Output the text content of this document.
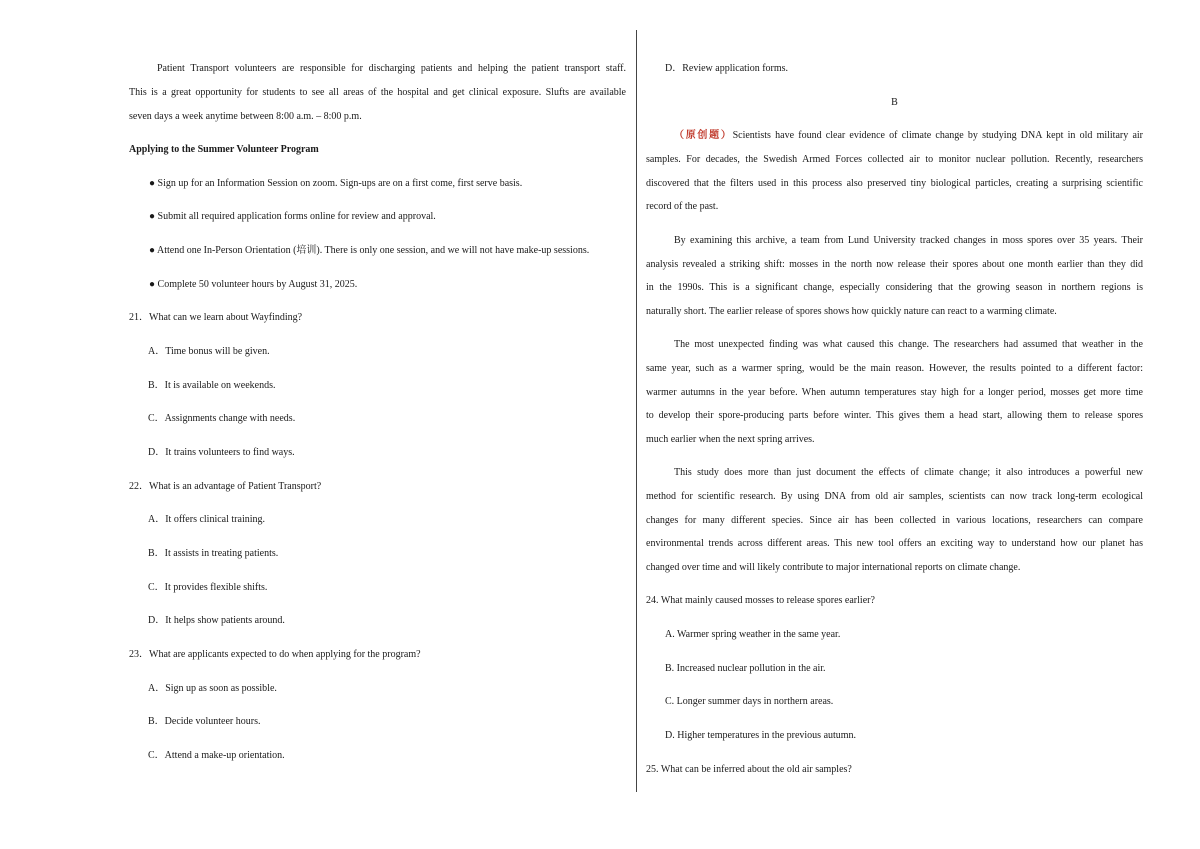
Patient Transport volunteers are responsible for discharging patients and helping the patient transport staff.
This is a great opportunity for students to see all areas of the hospital and get clinical exposure. Slufts are available
seven days a week anytime between 8:00 a.m. – 8:00 p.m.
Applying to the Summer Volunteer Program
● Sign up for an Information Session on zoom. Sign-ups are on a first come, first serve basis.
● Submit all required application forms online for review and approval.
● Attend one In-Person Orientation (培训). There is only one session, and we will not have make-up sessions.
● Complete 50 volunteer hours by August 31, 2025.
21．What can we learn about Wayfinding?
A．Time bonus will be given.
B．It is available on weekends.
C．Assignments change with needs.
D．It trains volunteers to find ways.
22．What is an advantage of Patient Transport?
A．It offers clinical training.
B．It assists in treating patients.
C．It provides flexible shifts.
D．It helps show patients around.
23．What are applicants expected to do when applying for the program?
A．Sign up as soon as possible.
B．Decide volunteer hours.
C．Attend a make-up orientation.
D．Review application forms.
B
（原创题）Scientists have found clear evidence of climate change by studying DNA kept in old military air
samples. For decades, the Swedish Armed Forces collected air to monitor nuclear pollution. Recently, researchers
discovered that the filters used in this process also preserved tiny biological particles, creating a surprising scientific
record of the past.
By examining this archive, a team from Lund University tracked changes in moss spores over 35 years. Their
analysis revealed a striking shift: mosses in the north now release their spores about one month earlier than they did
in the 1990s. This is a significant change, especially considering that the growing season in northern regions is
naturally short. The earlier release of spores shows how quickly nature can react to a warming climate.
The most unexpected finding was what caused this change. The researchers had assumed that weather in the
same year, such as a warmer spring, would be the main reason. However, the results pointed to a different factor:
warmer autumns in the year before. When autumn temperatures stay high for a longer period, mosses get more time
to develop their spore-producing parts before winter. This gives them a head start, allowing them to release spores
much earlier when the next spring arrives.
This study does more than just document the effects of climate change; it also introduces a powerful new
method for scientific research. By using DNA from old air samples, scientists can now track long-term ecological
changes for many different species. Since air has been collected in various locations, researchers can compare
environmental trends across different areas. This new tool offers an exciting way to understand how our planet has
changed over time and will likely contribute to major international reports on climate change.
24. What mainly caused mosses to release spores earlier?
A. Warmer spring weather in the same year.
B. Increased nuclear pollution in the air.
C. Longer summer days in northern areas.
D. Higher temperatures in the previous autumn.
25. What can be inferred about the old air samples?
